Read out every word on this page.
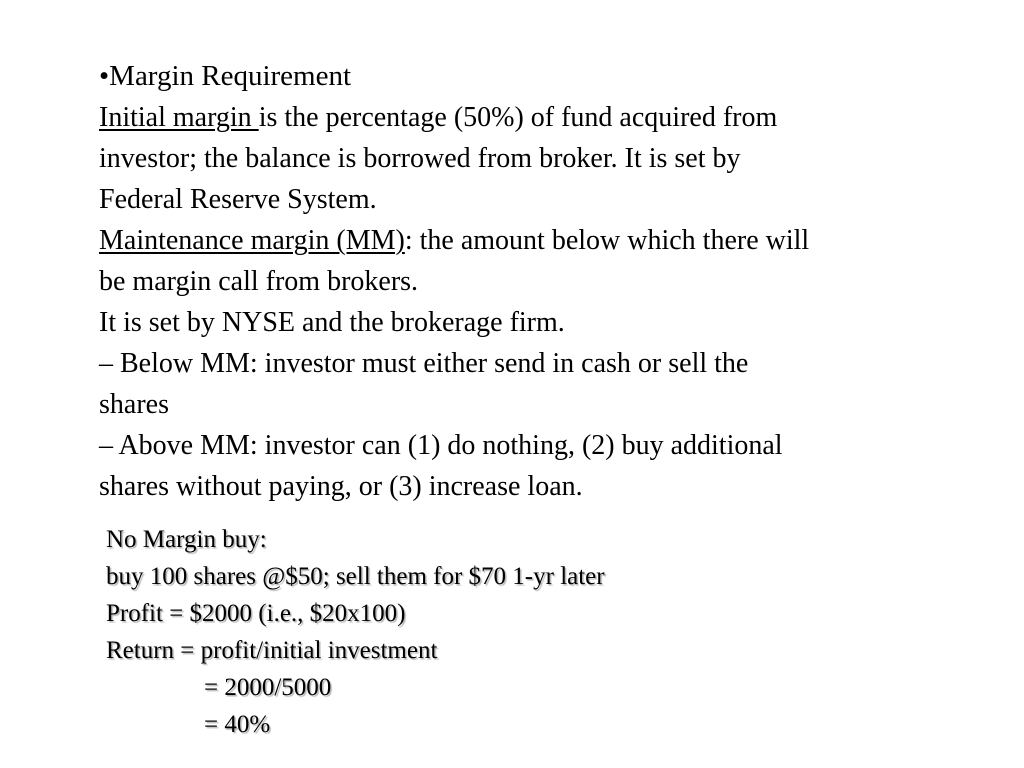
•Margin Requirement
Initial margin is the percentage (50%) of fund acquired from
investor; the balance is borrowed from broker. It is set by
Federal Reserve System.
Maintenance margin (MM): the amount below which there will
be margin call from brokers.
It is set by NYSE and the brokerage firm.
– Below MM: investor must either send in cash or sell the
shares
– Above MM: investor can (1) do nothing, (2) buy additional
shares without paying, or (3) increase loan.
No Margin buy:
buy 100 shares @$50; sell them for $70 1-yr later
Profit = $2000 (i.e., $20x100)
Return = profit/initial investment
= 2000/5000
= 40%
